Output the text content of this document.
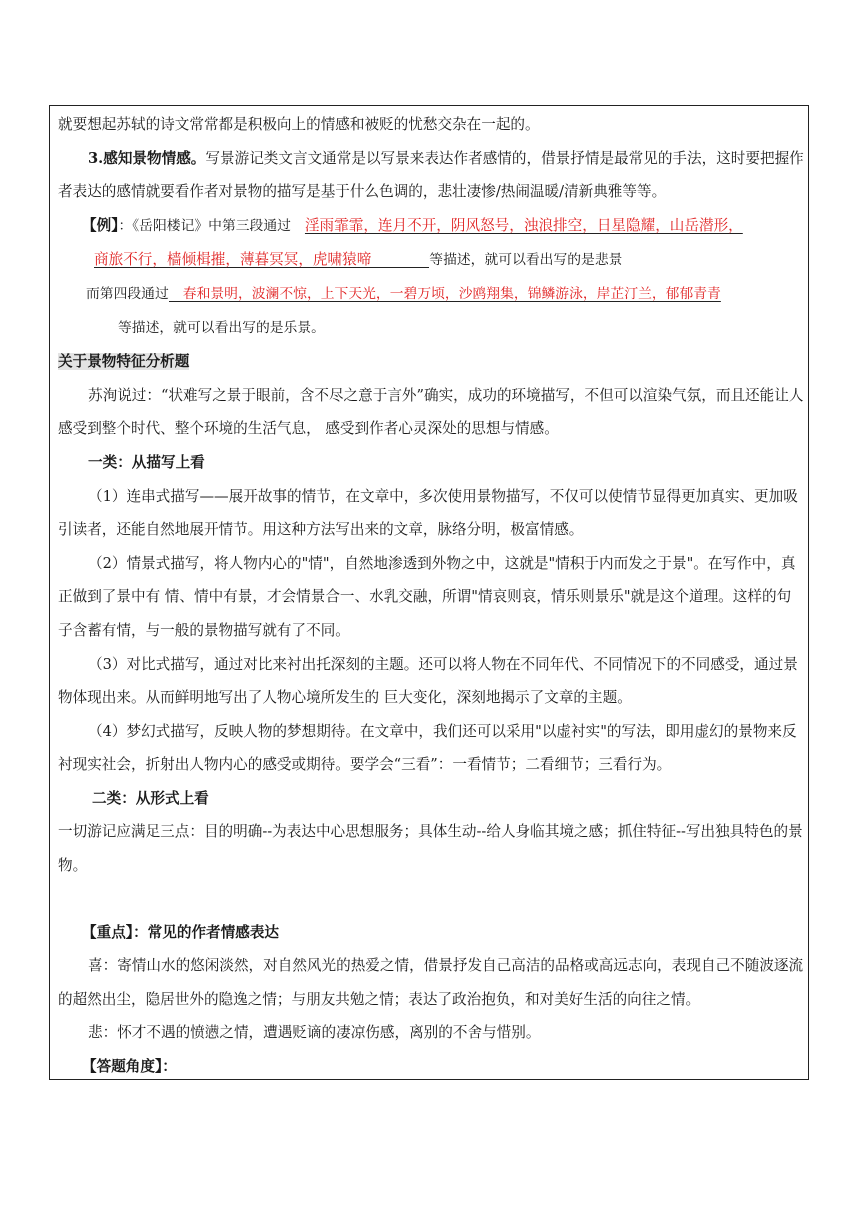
就要想起苏轼的诗文常常都是积极向上的情感和被贬的忧愁交杂在一起的。

3.感知景物情感。写景游记类文言文通常是以写景来表达作者感情的，借景抒情是最常见的手法，这时要把握作者表达的感情就要看作者对景物的描写是基于什么色调的，悲壮凄惨/热闹温暖/清新典雅等等。

【例】：《岳阳楼记》中第三段通过 淫雨霏霏，连月不开，阴风怒号，浊浪排空，日星隐耀，山岳潜形，

商旅不行，樯倾楫摧，薄暮冥冥，虎啸猿啼	等描述，就可以看出写的是悲景

而第四段通过 春和景明，波澜不惊，上下天光，一碧万顷，沙鸥翔集，锦鳞游泳，岸芷汀兰，郁郁青青

等描述，就可以看出写的是乐景。

关于景物特征分析题

苏洵说过：“状难写之景于眼前，含不尽之意于言外”确实，成功的环境描写，不但可以渲染气氛，而且还能让人感受到整个时代、整个环境的生活气息， 感受到作者心灵深处的思想与情感。

一类：从描写上看

（1）连串式描写——展开故事的情节，在文章中，多次使用景物描写，不仅可以使情节显得更加真实、更加吸引读者，还能自然地展开情节。用这种方法写出来的文章，脉络分明，极富情感。

（2）情景式描写，将人物内心的"情"，自然地渗透到外物之中，这就是"情积于内而发之于景"。在写作中，真正做到了景中有 情、情中有景，才会情景合一、水乳交融，所谓"情哀则哀，情乐则景乐"就是这个道理。这样的句子含蓄有情，与一般的景物描写就有了不同。

（3）对比式描写，通过对比来衬出托深刻的主题。还可以将人物在不同年代、不同情况下的不同感受，通过景物体现出来。从而鲜明地写出了人物心境所发生的 巨大变化，深刻地揭示了文章的主题。

（4）梦幻式描写，反映人物的梦想期待。在文章中，我们还可以采用"以虚衬实"的写法，即用虚幻的景物来反衬现实社会，折射出人物内心的感受或期待。要学会“三看”：一看情节；二看细节；三看行为。

二类：从形式上看

一切游记应满足三点：目的明确--为表达中心思想服务；具体生动--给人身临其境之感；抓住特征--写出独具特色的景物。

【重点】：常见的作者情感表达

喜：寄情山水的悠闲淡然，对自然风光的热爱之情，借景抒发自己高洁的品格或高远志向，表现自己不随波逐流的超然出尘，隐居世外的隐逸之情；与朋友共勉之情；表达了政治抱负，和对美好生活的向往之情。

悲：怀才不遇的愤懑之情，遭遇贬谪的凄凉伤感，离别的不舍与惜别。

【答题角度】：
